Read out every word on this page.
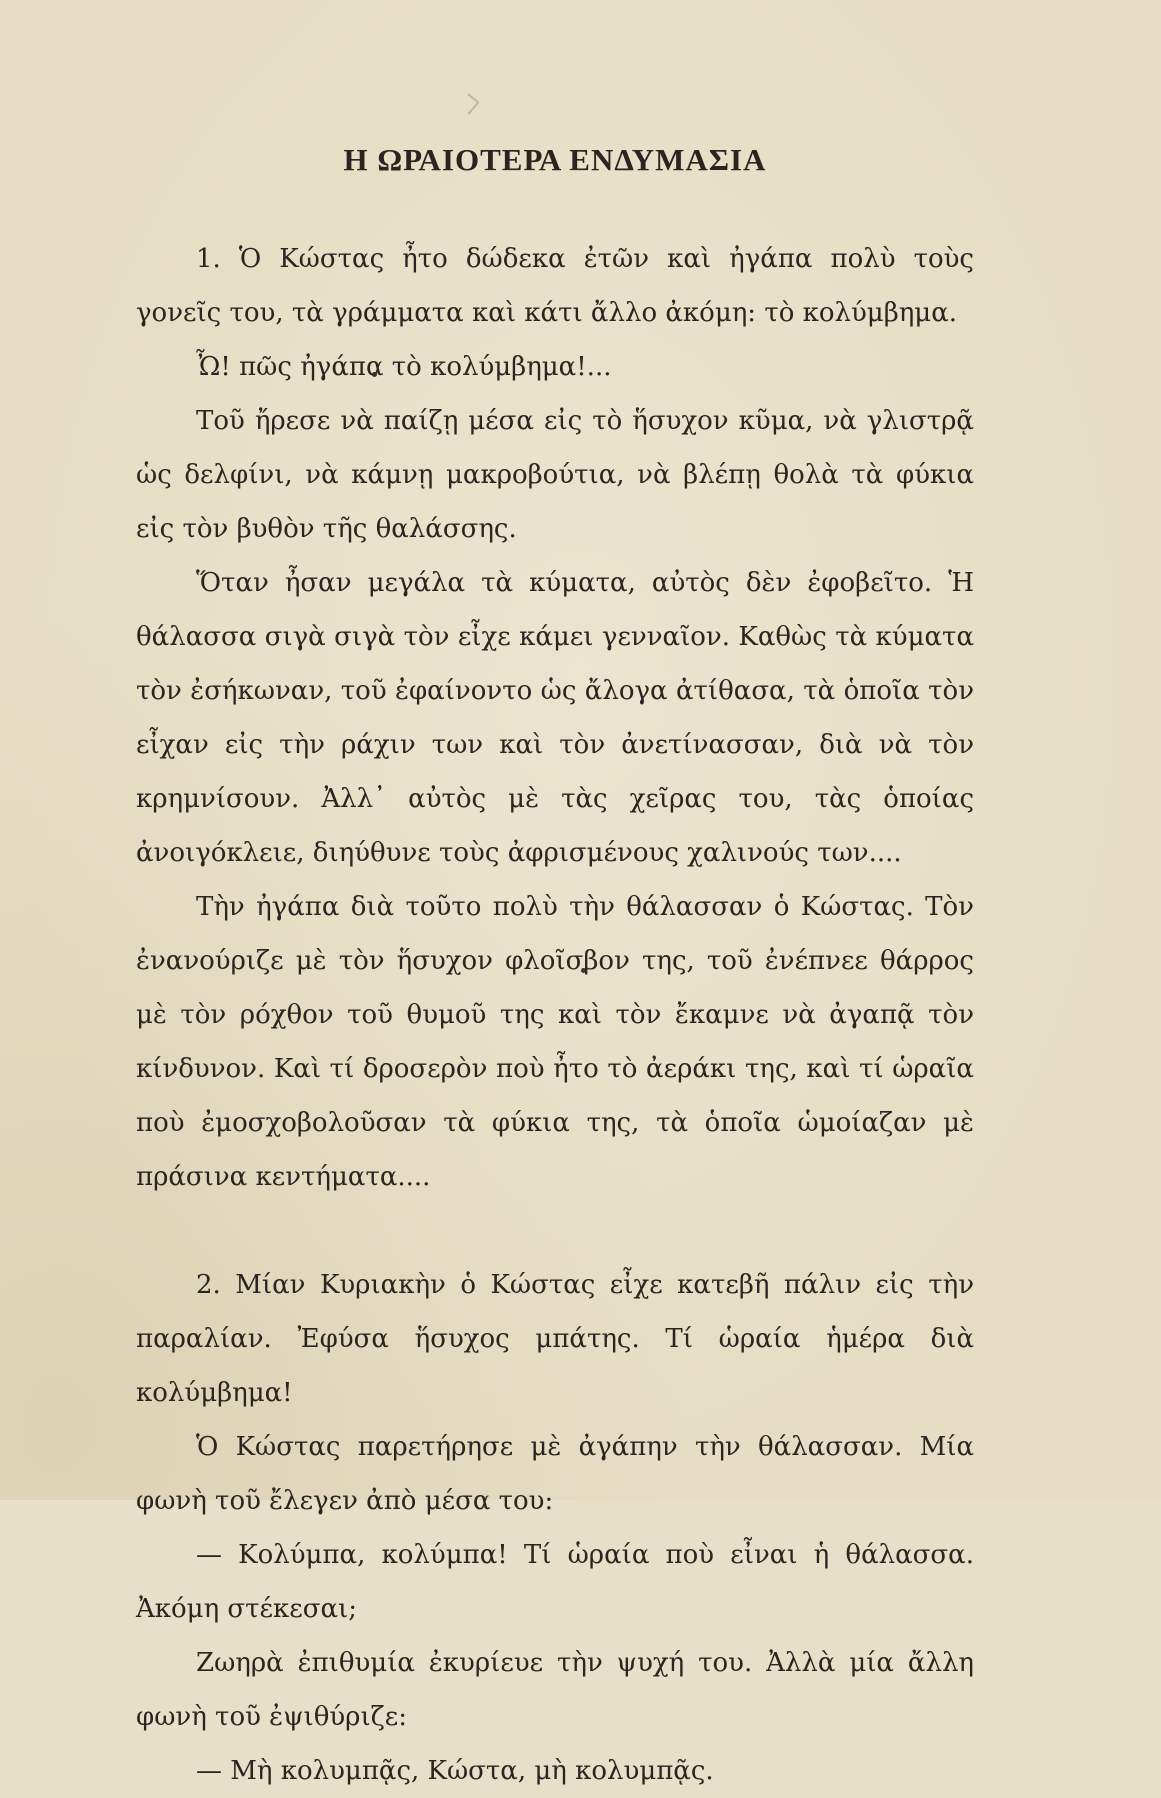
Η ΩΡΑΙΟΤΕΡΑ ΕΝΔΥΜΑΣΙΑ

1. Ὁ Κώστας ἦτο δώδεκα ἐτῶν καὶ ἠγάπα πολὺ τοὺς γονεῖς του, τὰ γράμματα καὶ κάτι ἄλλο ἀκόμη: τὸ κολύμβημα.

Ὦ! πῶς ἠγάπα τὸ κολύμβημα!...

Τοῦ ἤρεσε νὰ παίζῃ μέσα εἰς τὸ ἥσυχον κῦμα, νὰ γλιστρᾷ ὡς δελφίνι, νὰ κάμνῃ μακροβούτια, νὰ βλέπῃ θολὰ τὰ φύκια εἰς τὸν βυθὸν τῆς θαλάσσης.

Ὅταν ἦσαν μεγάλα τὰ κύματα, αὐτὸς δὲν ἐφοβεῖτο. Ἡ θάλασσα σιγὰ σιγὰ τὸν εἶχε κάμει γενναῖον. Καθὼς τὰ κύματα τὸν ἐσήκωναν, τοῦ ἐφαίνοντο ὡς ἄλογα ἀτίθασα, τὰ ὁποῖα τὸν εἶχαν εἰς τὴν ράχιν των καὶ τὸν ἀνετίνασσαν, διὰ νὰ τὸν κρημνίσουν. Ἀλλ᾽ αὐτὸς μὲ τὰς χεῖρας του, τὰς ὁποίας ἀνοιγόκλειε, διηύθυνε τοὺς ἀφρισμένους χαλινούς των....

Τὴν ἠγάπα διὰ τοῦτο πολὺ τὴν θάλασσαν ὁ Κώστας. Τὸν ἐνανούριζε μὲ τὸν ἥσυχον φλοῖσβον της, τοῦ ἐνέπνεε θάρρος μὲ τὸν ρόχθον τοῦ θυμοῦ της καὶ τὸν ἔκαμνε νὰ ἀγαπᾷ τὸν κίνδυνον. Καὶ τί δροσερὸν ποὺ ἦτο τὸ ἀεράκι της, καὶ τί ὡραῖα ποὺ ἐμοσχοβολοῦσαν τὰ φύκια της, τὰ ὁποῖα ὡμοίαζαν μὲ πράσινα κεντήματα....

2. Μίαν Κυριακὴν ὁ Κώστας εἶχε κατεβῆ πάλιν εἰς τὴν παραλίαν. Ἐφύσα ἥσυχος μπάτης. Τί ὡραία ἡμέρα διὰ κολύμβημα!

Ὁ Κώστας παρετήρησε μὲ ἀγάπην τὴν θάλασσαν. Μία φωνὴ τοῦ ἔλεγεν ἀπὸ μέσα του:

— Κολύμπα, κολύμπα! Τί ὡραία ποὺ εἶναι ἡ θάλασσα. Ἀκόμη στέκεσαι;

Ζωηρὰ ἐπιθυμία ἐκυρίευε τὴν ψυχή του. Ἀλλὰ μία ἄλλη φωνὴ τοῦ ἐψιθύριζε:

— Μὴ κολυμπᾷς, Κώστα, μὴ κολυμπᾷς.
